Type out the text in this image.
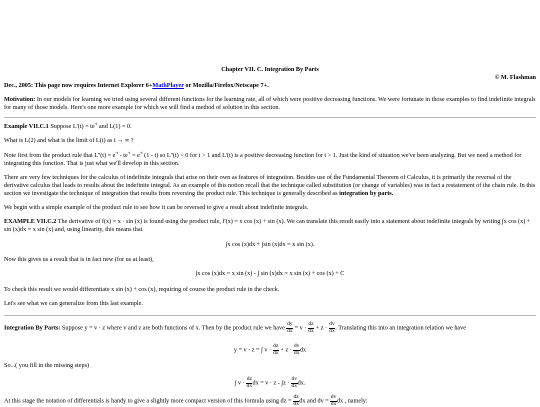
Chapter VII. C. Integration By Parts
© M. Flashman

Dec., 2005: This page now requires Internet Explorer 6+MathPlayer or Mozilla/Firefox/Netscape 7+.

Motivation: In our models for learning we tried using several different functions for the learning rate, all of which were positive decreasing functions. We were fortunate in those examples to find indefinite integrals for many of those models. Here's one more example for which we will find a method of solution in this section.

Example VII.C.1 Suppose $L'(t) = te^{-t}$ and L(1) = 0.

What is L(2) and what is the limit of L(t) as t → ∞ ?

Note first from the product rule that $L''(t) = e^{-t} - te^{-t} = e^{-t}$ (1 - t) so L''(t) < 0 for t > 1 and L'(t) is a positive decreasing function for t > 1. Just the kind of situation we've been analyzing. But we need a method for integrating this function. That is just what we'll develop in this section.

There are very few techniques for the calculus of indefinite integrals that arise on their own as features of integration. Besides use of the Fundamental Theorem of Calculus, it is primarily the reversal of the derivative calculus that leads to results about the indefinite integral. As an example of this notion recall that the technique called substitution (or change of variables) was in fact a restatement of the chain rule. In this section we investigate the technique of integration that results from reversing the product rule. This technique is generally described as integration by parts.

We begin with a simple example of the product rule to see how it can be reversed to give a result about indefinite integrals.

EXAMPLE VII.C.2 The derivative of f(x) = x · sin (x) is found using the product rule, f'(x) = x cos (x) + sin (x). We can translate this result easily into a statement about indefinite integrals by writing ∫x cos (x) + sin (x)dx = x sin (x) and, using linearity, this means that

∫x cos (x)dx + ∫sin (x)dx = x sin (x).
Now this gives us a result that is in fact new (for us at least),
∫x cos (x)dx = x sin (x) - ∫ sin (x)dx = x sin (x) + cos (x) + C
To check this result we would differentiate x sin (x) + cos (x), requiring of course the product rule in the check.
Let's see what we can generalize from this last example.

Integration By Parts: Suppose y = v · z where v and z are both functions of x. Then by the product rule we have $\frac{dy}{dx} = v \cdot \frac{dz}{dx} + z \cdot \frac{dv}{dx}$ . Translating this into an integration relation we have

y = v · z = ∫ $v \cdot \frac{dz}{dx} + z \cdot \frac{dv}{dx}$ dx
So...( you fill in the missing steps)
∫ $v \cdot \frac{dz}{dx}$ dx = $v \cdot z - \int z \cdot \frac{dv}{dx}$ dx.
At this stage the notation of differentials is handy to give a slightly more compact version of this formula using dz = $\frac{dz}{dx}$ dx and dv = $\frac{dv}{dx}$ dx , namely:
